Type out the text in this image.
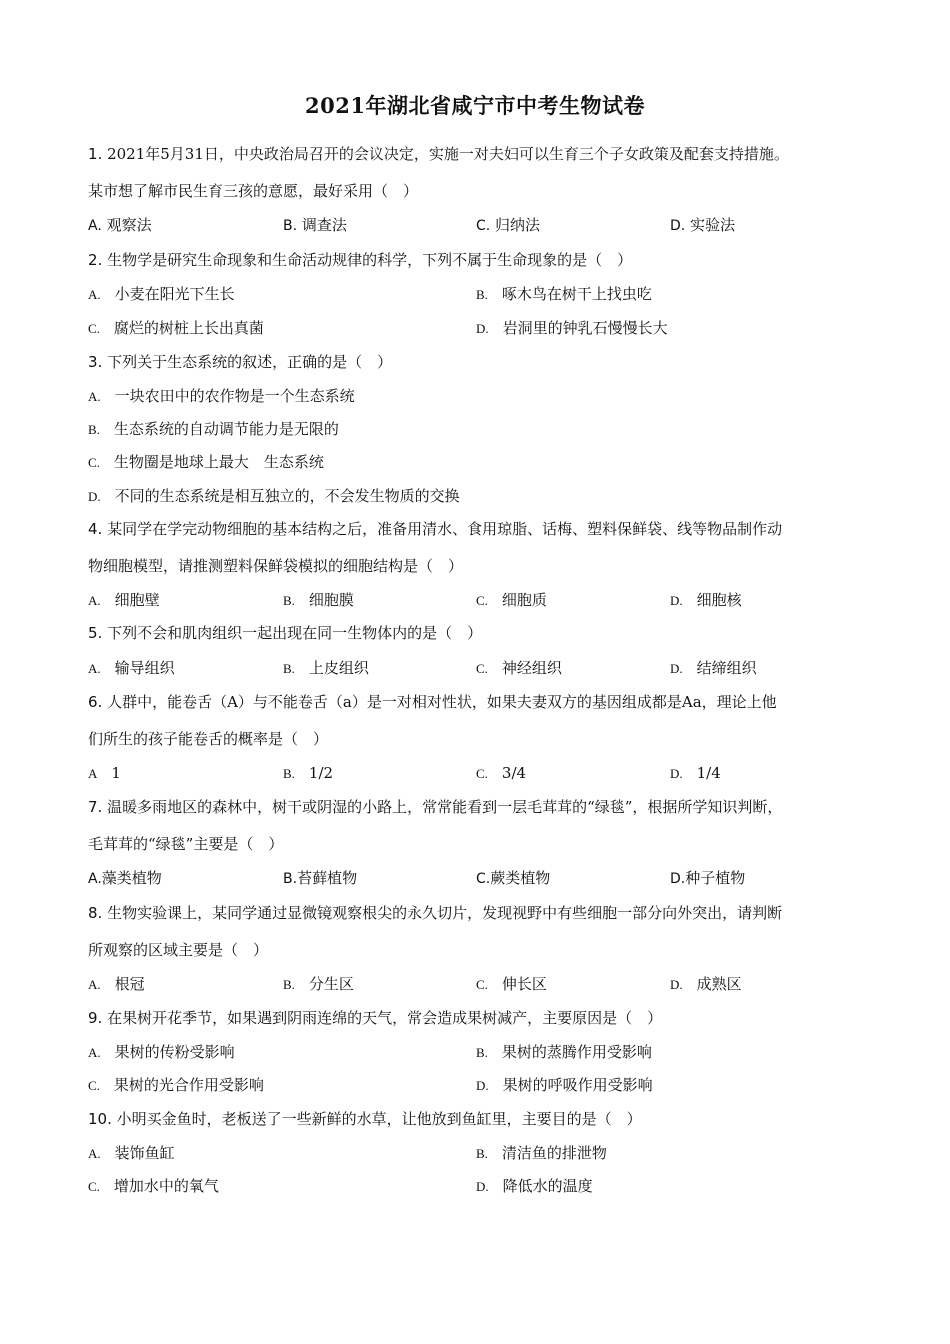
2021年湖北省咸宁市中考生物试卷
1. 2021年5月31日，中央政治局召开的会议决定，实施一对夫妇可以生育三个子女政策及配套支持措施。
某市想了解市民生育三孩的意愿，最好采用（　）
A. 观察法	B. 调查法	C. 归纳法	D. 实验法
2. 生物学是研究生命现象和生命活动规律的科学，下列不属于生命现象的是（　）
A. 小麦在阳光下生长	B. 啄木鸟在树干上找虫吃
C. 腐烂的树桩上长出真菌	D. 岩洞里的钟乳石慢慢长大
3. 下列关于生态系统的叙述，正确的是（　）
A. 一块农田中的农作物是一个生态系统
B. 生态系统的自动调节能力是无限的
C. 生物圈是地球上最大　生态系统
D. 不同的生态系统是相互独立的，不会发生物质的交换
4. 某同学在学完动物细胞的基本结构之后，准备用清水、食用琼脂、话梅、塑料保鲜袋、线等物品制作动
物细胞模型，请推测塑料保鲜袋模拟的细胞结构是（　）
A. 细胞壁	B. 细胞膜	C. 细胞质	D. 细胞核
5. 下列不会和肌肉组织一起出现在同一生物体内的是（　）
A. 输导组织	B. 上皮组织	C. 神经组织	D. 结缔组织
6. 人群中，能卷舌（A）与不能卷舌（a）是一对相对性状，如果夫妻双方的基因组成都是Aa，理论上他
们所生的孩子能卷舌的概率是（　）
A 1	B. 1/2	C. 3/4	D. 1/4
7. 温暖多雨地区的森林中，树干或阴湿的小路上，常常能看到一层毛茸茸的“绿毯”，根据所学知识判断，
毛茸茸的“绿毯”主要是（　）
A.藻类植物	B.苔藓植物	C.蕨类植物	D.种子植物
8. 生物实验课上，某同学通过显微镜观察根尖的永久切片，发现视野中有些细胞一部分向外突出，请判断
所观察的区域主要是（　）
A. 根冠	B. 分生区	C. 伸长区	D. 成熟区
9. 在果树开花季节，如果遇到阴雨连绵的天气，常会造成果树减产，主要原因是（　）
A. 果树的传粉受影响	B. 果树的蒸腾作用受影响
C. 果树的光合作用受影响	D. 果树的呼吸作用受影响
10. 小明买金鱼时，老板送了一些新鲜的水草，让他放到鱼缸里，主要目的是（　）
A. 装饰鱼缸	B. 清洁鱼的排泄物
C. 增加水中的氧气	D. 降低水的温度
